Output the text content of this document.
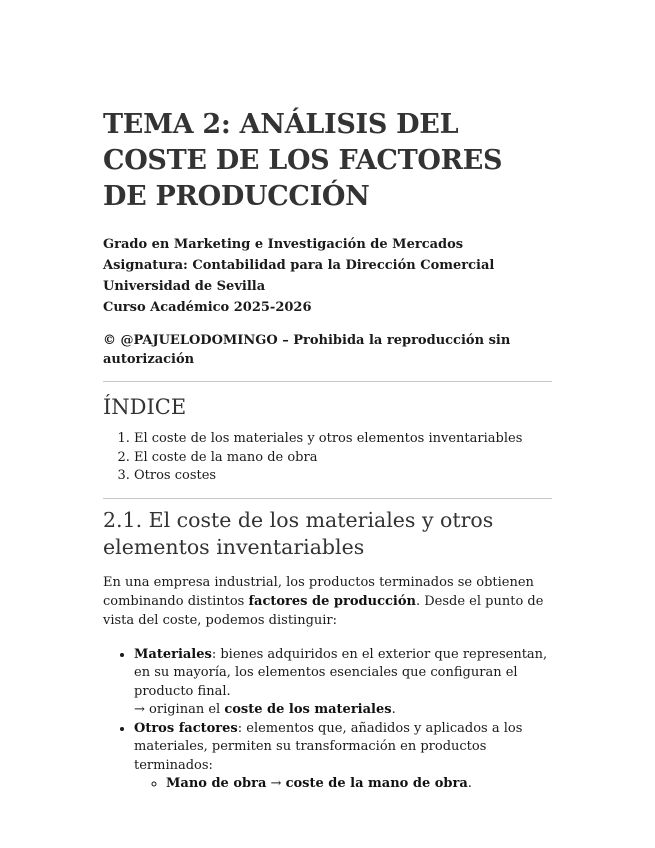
TEMA 2: ANÁLISIS DEL COSTE DE LOS FACTORES DE PRODUCCIÓN
Grado en Marketing e Investigación de Mercados
Asignatura: Contabilidad para la Dirección Comercial
Universidad de Sevilla
Curso Académico 2025-2026
© @PAJUELODOMINGO – Prohibida la reproducción sin autorización
ÍNDICE
1. El coste de los materiales y otros elementos inventariables
2. El coste de la mano de obra
3. Otros costes
2.1. El coste de los materiales y otros elementos inventariables

En una empresa industrial, los productos terminados se obtienen combinando distintos factores de producción. Desde el punto de vista del coste, podemos distinguir:

• Materiales: bienes adquiridos en el exterior que representan, en su mayoría, los elementos esenciales que configuran el producto final.
→ originan el coste de los materiales.
• Otros factores: elementos que, añadidos y aplicados a los materiales, permiten su transformación en productos terminados:
◦ Mano de obra → coste de la mano de obra.
